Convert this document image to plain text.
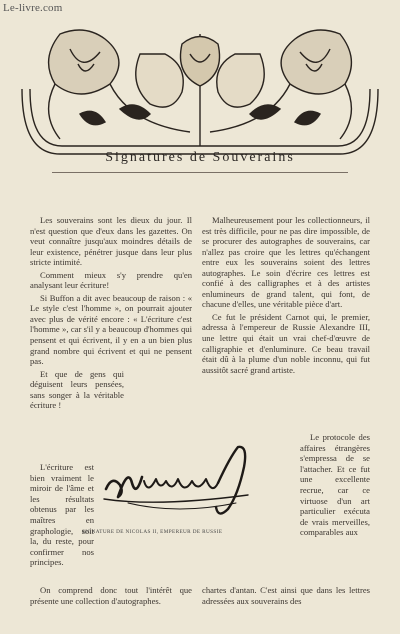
Le-livre.com
Signatures de Souverains

Les souverains sont les dieux du jour. Il n'est question que d'eux dans les gazettes. On veut connaître jusqu'aux moindres détails de leur existence, pénétrer jusque dans leur plus stricte intimité.

Comment mieux s'y prendre qu'en analysant leur écriture!

Si Buffon a dit avec beaucoup de raison : « Le style c'est l'homme », on pourrait ajouter avec plus de vérité encore : « L'écriture c'est l'homme », car s'il y a beaucoup d'hommes qui pensent et qui écrivent, il y en a un bien plus grand nombre qui écrivent et qui ne pensent pas.

Et que de gens qui déguisent leurs pensées, sans songer à la véritable écriture !

L'écriture est bien vraiment le miroir de l'âme et les résultats obtenus par les maîtres en graphologie, soit la, du reste, pour confirmer nos principes.

On comprend donc tout l'intérêt que présente une collection d'autographes.

Malheureusement pour les collectionneurs, il est très difficile, pour ne pas dire impossible, de se procurer des autographes de souverains, car n'allez pas croire que les lettres qu'échangent entre eux les souverains soient des lettres autographes. Le soin d'écrire ces lettres est confié à des calligraphes et à des artistes enlumineurs de grand talent, qui font, de chacune d'elles, une véritable pièce d'art.

Ce fut le président Carnot qui, le premier, adressa à l'empereur de Russie Alexandre III, une lettre qui était un vrai chef-d'œuvre de calligraphie et d'enluminure. Ce beau travail était dû à la plume d'un noble inconnu, qui fut aussitôt sacré grand artiste.

Le protocole des affaires étrangères s'empressa de se l'attacher. Et ce fut une excellente recrue, car ce virtuose d'un art particulier exécuta de vrais merveilles, comparables aux

chartes d'antan. C'est ainsi que dans les lettres adressées aux souverains des

SIGNATURE DE NICOLAS II, EMPEREUR DE RUSSIE
